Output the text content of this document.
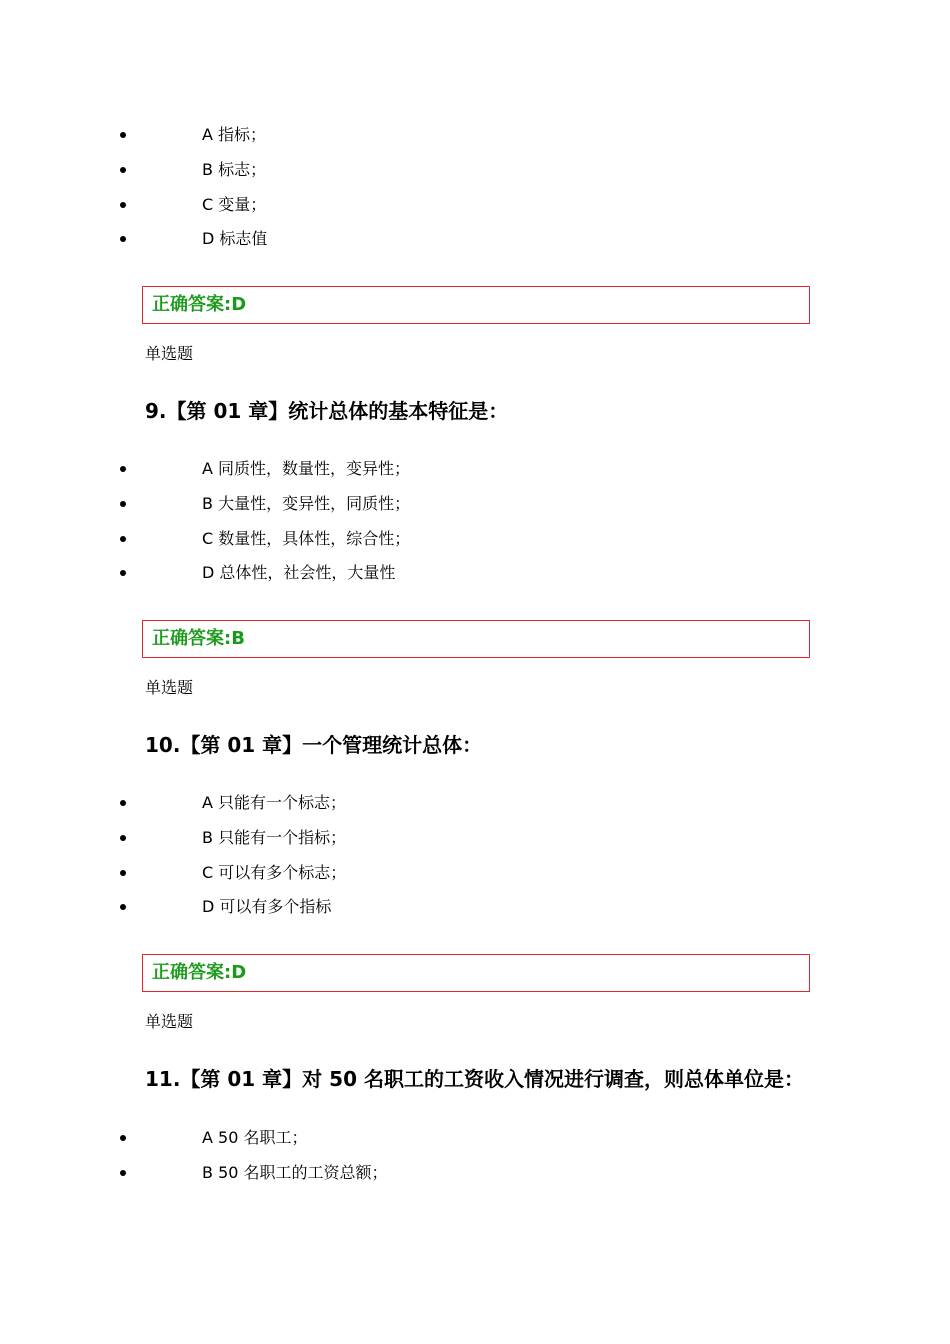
A 指标；
B 标志；
C 变量；
D 标志值
正确答案:D
单选题
9.【第 01 章】统计总体的基本特征是：
A 同质性，数量性，变异性；
B 大量性，变异性，同质性；
C 数量性，具体性，综合性；
D 总体性，社会性，大量性
正确答案:B
单选题
10.【第 01 章】一个管理统计总体：
A 只能有一个标志；
B 只能有一个指标；
C 可以有多个标志；
D 可以有多个指标
正确答案:D
单选题
11.【第 01 章】对 50 名职工的工资收入情况进行调查，则总体单位是：
A 50 名职工；
B 50 名职工的工资总额；
